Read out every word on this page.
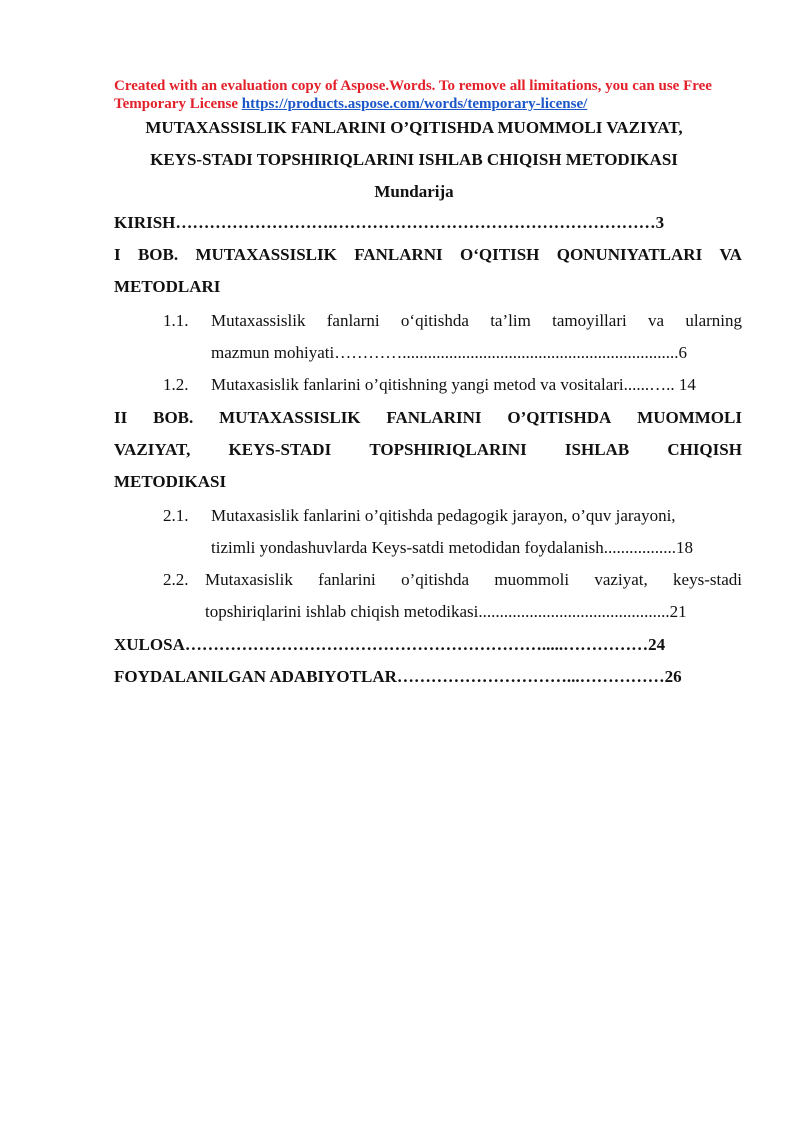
Created with an evaluation copy of Aspose.Words. To remove all limitations, you can use Free Temporary License https://products.aspose.com/words/temporary-license/
MUTAXASSISLIK FANLARINI O’QITISHDA MUOMMOLI VAZIYAT,
KEYS-STADI TOPSHIRIQLARINI ISHLAB CHIQISH METODIKASI
Mundarija
KIRISH……………………….…………………………………………………3
I BOB. MUTAXASSISLIK FANLARNI O‘QITISH QONUNIYATLARI VA
METODLARI
1.1. Mutaxassislik fanlarni o‘qitishda ta’lim tamoyillari va ularning
mazmun mohiyati………….................................................................6
1.2. Mutaxasislik fanlarini o’qitishning yangi metod va vositalari......….. 14
II BOB. MUTAXASSISLIK FANLARINI O’QITISHDA MUOMMOLI
VAZIYAT, KEYS-STADI TOPSHIRIQLARINI ISHLAB CHIQISH
METODIKASI
2.1. Mutaxasislik fanlarini o’qitishda pedagogik jarayon, o’quv jarayoni,
tizimli yondashuvlarda Keys-satdi metodidan foydalanish.................18
2.2. Mutaxasislik fanlarini o’qitishda muommoli vaziyat, keys-stadi
topshiriqlarini ishlab chiqish metodikasi.............................................21
XULOSA……………………………………………………….....……………24
FOYDALANILGAN ADABIYOTLAR…………………………...……………26
